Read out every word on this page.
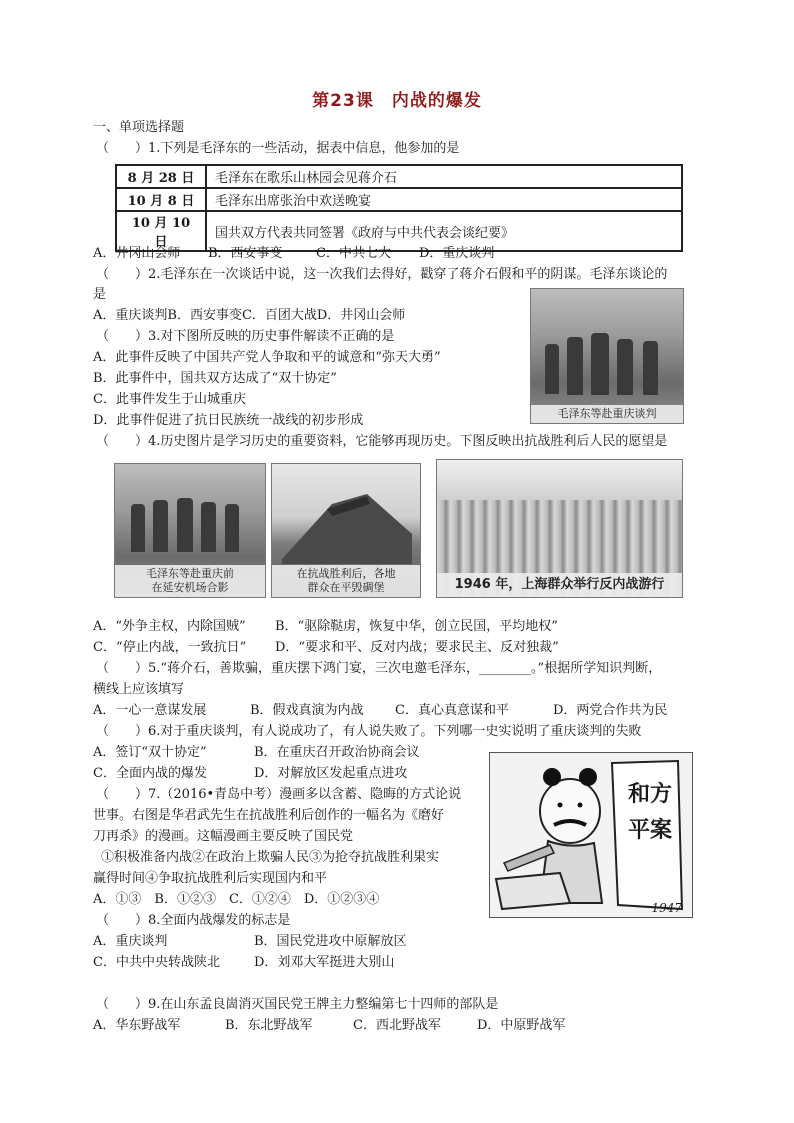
第23课　内战的爆发
一、单项选择题
（　　）1.下列是毛泽东的一些活动，据表中信息，他参加的是
8 月 28 日	毛泽东在歌乐山林园会见蒋介石
10 月 8 日	毛泽东出席张治中欢送晚宴
10 月 10 日	国共双方代表共同签署《政府与中共代表会谈纪要》
A．井冈山会师 B．西安事变	C．中共七大 D．重庆谈判
（　　）2.毛泽东在一次谈话中说，这一次我们去得好，戳穿了蒋介石假和平的阴谋。毛泽东谈论的
是
A．重庆谈判B．西安事变C．百团大战D．井冈山会师
（　　）3.对下图所反映的历史事件解读不正确的是
A．此事件反映了中国共产党人争取和平的诚意和“弥天大勇”
B．此事件中，国共双方达成了“双十协定”
C．此事件发生于山城重庆
D．此事件促进了抗日民族统一战线的初步形成	毛泽东等赴重庆谈判
（　　）4.历史图片是学习历史的重要资料，它能够再现历史。下图反映出抗战胜利后人民的愿望是
毛泽东等赴重庆前
在延安机场合影
在抗战胜利后，各地
群众在平毁碉堡	1946 年，上海群众举行反内战游行
A．“外争主权，内除国贼” B．“驱除鞑虏，恢复中华，创立民国，平均地权”
C．“停止内战，一致抗日” D．“要求和平、反对内战；要求民主、反对独裁”
（　　）5.“蒋介石，善欺骗，重庆摆下鸿门宴，三次电邀毛泽东，________。”根据所学知识判断，
横线上应该填写
A．一心一意谋发展	B．假戏真演为内战 C．真心真意谋和平	D．两党合作共为民
（　　）6.对于重庆谈判，有人说成功了，有人说失败了。下列哪一史实说明了重庆谈判的失败
A．签订“双十协定”	B．在重庆召开政治协商会议
C．全面内战的爆发	D．对解放区发起重点进攻
（　　）7.（2016•青岛中考）漫画多以含蓄、隐晦的方式论说
世事。右图是华君武先生在抗战胜利后创作的一幅名为《磨好
刀再杀》的漫画。这幅漫画主要反映了国民党
①积极准备内战②在政治上欺骗人民③为抢夺抗战胜利果实
赢得时间④争取抗战胜利后实现国内和平
A．①③　B．①②③　C．①②④　D．①②③④
和方
平案
1947
（　　）8.全面内战爆发的标志是
A．重庆谈判	B．国民党进攻中原解放区
C．中共中央转战陕北	D．刘邓大军挺进大别山
（　　）9.在山东孟良崮消灭国民党王牌主力整编第七十四师的部队是
A．华东野战军	B．东北野战军	C．西北野战军	D．中原野战军
